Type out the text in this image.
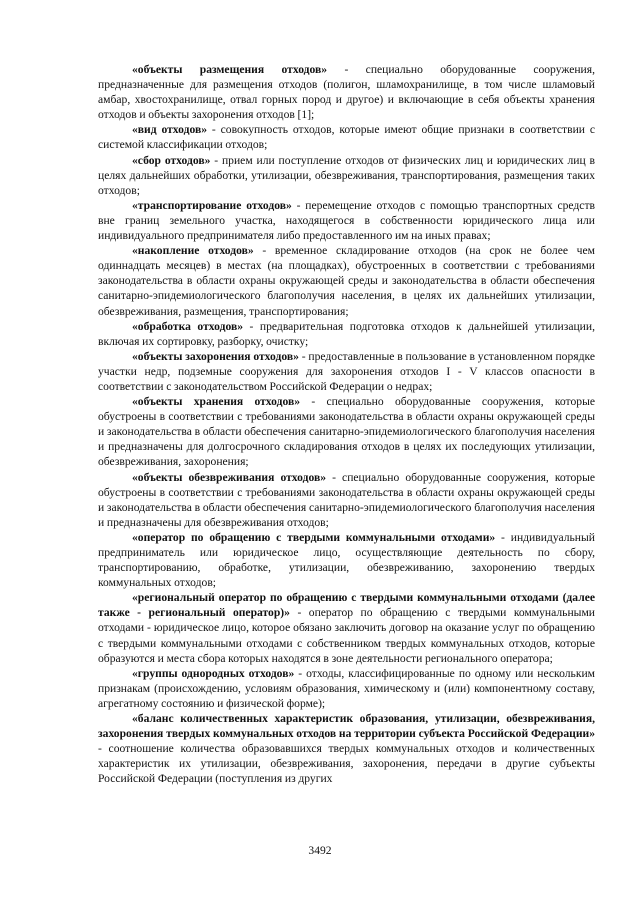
«объекты размещения отходов» - специально оборудованные сооружения, предназначенные для размещения отходов (полигон, шламохранилище, в том числе шламовый амбар, хвостохранилище, отвал горных пород и другое) и включающие в себя объекты хранения отходов и объекты захоронения отходов [1];

«вид отходов» - совокупность отходов, которые имеют общие признаки в соответствии с системой классификации отходов;

«сбор отходов» - прием или поступление отходов от физических лиц и юридических лиц в целях дальнейших обработки, утилизации, обезвреживания, транспортирования, размещения таких отходов;

«транспортирование отходов» - перемещение отходов с помощью транспортных средств вне границ земельного участка, находящегося в собственности юридического лица или индивидуального предпринимателя либо предоставленного им на иных правах;

«накопление отходов» - временное складирование отходов (на срок не более чем одиннадцать месяцев) в местах (на площадках), обустроенных в соответствии с требованиями законодательства в области охраны окружающей среды и законодательства в области обеспечения санитарно-эпидемиологического благополучия населения, в целях их дальнейших утилизации, обезвреживания, размещения, транспортирования;

«обработка отходов» - предварительная подготовка отходов к дальнейшей утилизации, включая их сортировку, разборку, очистку;

«объекты захоронения отходов» - предоставленные в пользование в установленном порядке участки недр, подземные сооружения для захоронения отходов I - V классов опасности в соответствии с законодательством Российской Федерации о недрах;

«объекты хранения отходов» - специально оборудованные сооружения, которые обустроены в соответствии с требованиями законодательства в области охраны окружающей среды и законодательства в области обеспечения санитарно-эпидемиологического благополучия населения и предназначены для долгосрочного складирования отходов в целях их последующих утилизации, обезвреживания, захоронения;

«объекты обезвреживания отходов» - специально оборудованные сооружения, которые обустроены в соответствии с требованиями законодательства в области охраны окружающей среды и законодательства в области обеспечения санитарно-эпидемиологического благополучия населения и предназначены для обезвреживания отходов;

«оператор по обращению с твердыми коммунальными отходами» - индивидуальный предприниматель или юридическое лицо, осуществляющие деятельность по сбору, транспортированию, обработке, утилизации, обезвреживанию, захоронению твердых коммунальных отходов;

«региональный оператор по обращению с твердыми коммунальными отходами (далее также - региональный оператор)» - оператор по обращению с твердыми коммунальными отходами - юридическое лицо, которое обязано заключить договор на оказание услуг по обращению с твердыми коммунальными отходами с собственником твердых коммунальных отходов, которые образуются и места сбора которых находятся в зоне деятельности регионального оператора;

«группы однородных отходов» - отходы, классифицированные по одному или нескольким признакам (происхождению, условиям образования, химическому и (или) компонентному составу, агрегатному состоянию и физической форме);

«баланс количественных характеристик образования, утилизации, обезвреживания, захоронения твердых коммунальных отходов на территории субъекта Российской Федерации» - соотношение количества образовавшихся твердых коммунальных отходов и количественных характеристик их утилизации, обезвреживания, захоронения, передачи в другие субъекты Российской Федерации (поступления из других

3492
